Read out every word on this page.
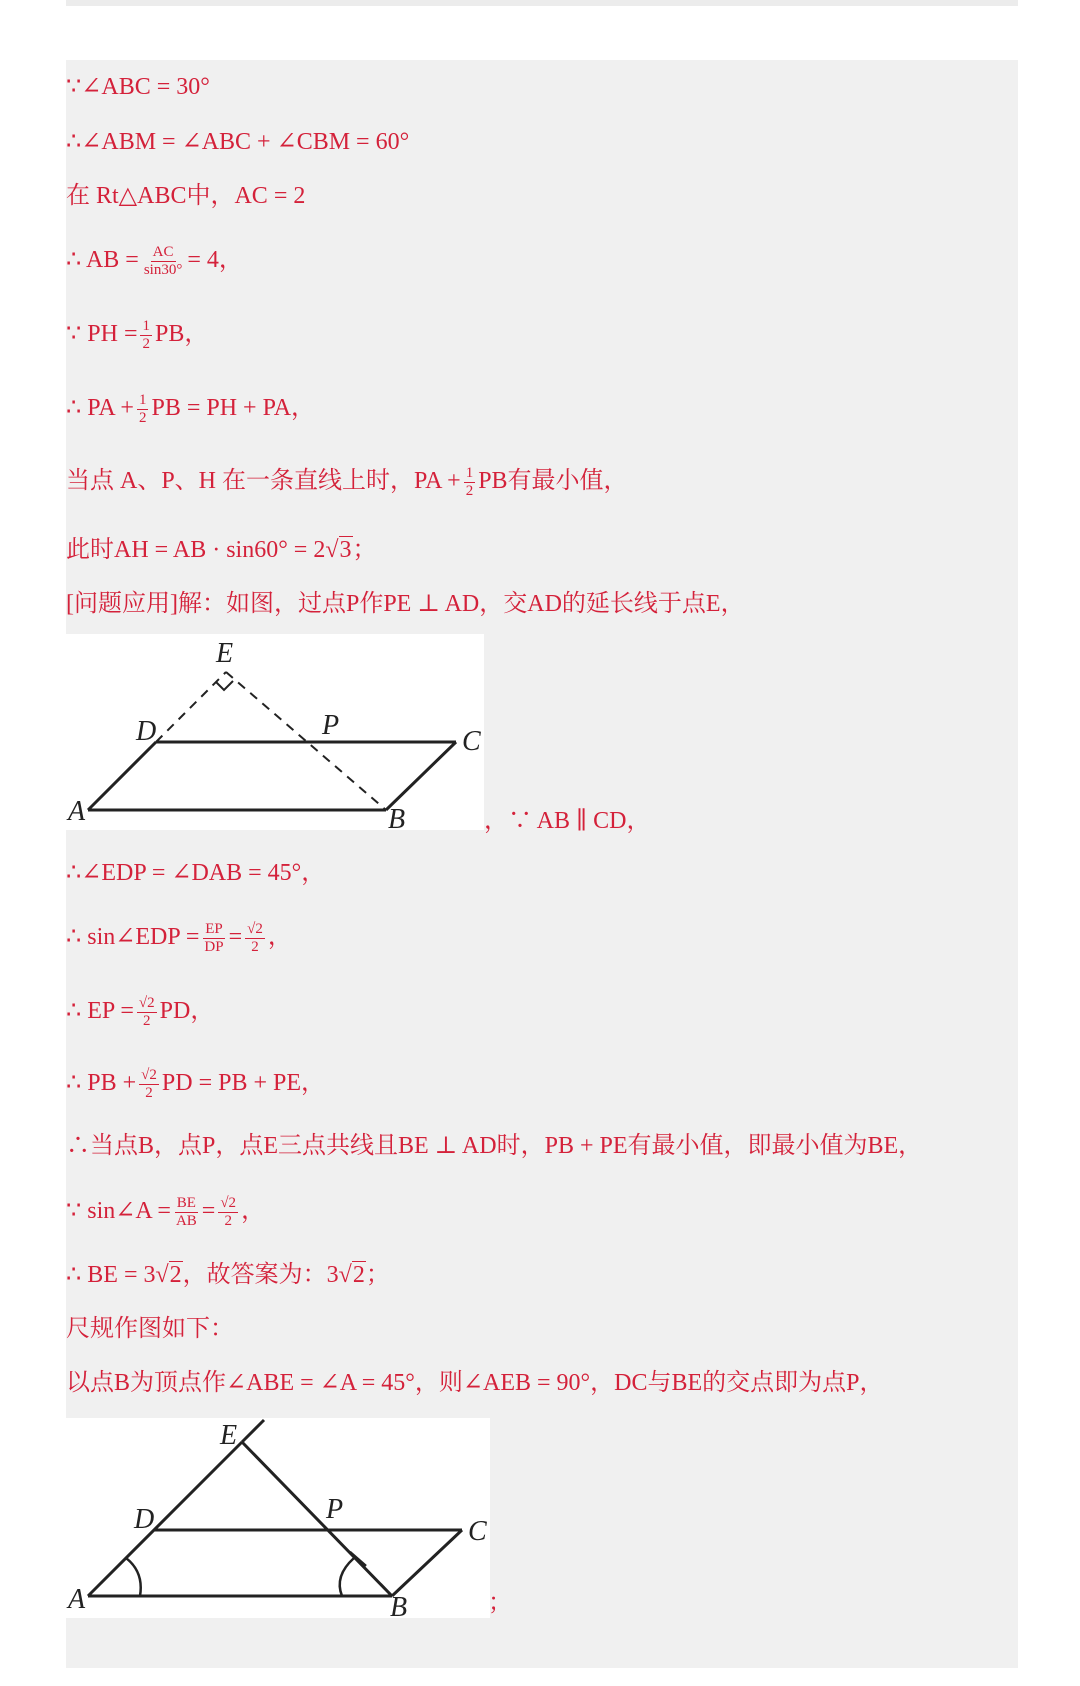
∵∠ABC = 30°
∴∠ABM = ∠ABC + ∠CBM = 60°
在 Rt△ABC中，AC = 2
∴ AB = $\frac{AC}{\sin 30^\circ} = 4$，
∵ PH = $\frac{1}{2}$ PB，
∴ PA + $\frac{1}{2}$ PB = PH + PA，
当点 A、P、H 在一条直线上时，PA + $\frac{1}{2}$ PB有最小值，
此时AH = AB · sin60° = 2√3；
[问题应用]解：如图，过点P作PE ⊥ AD，交AD的延长线于点E，
A	B
C
D
E
P
，∵ AB ∥ CD，
∴∠EDP = ∠DAB = 45°，
∴ sin∠EDP = $\frac{EP}{DP} = \frac{√2}{2}$ ，
∴ EP = $\frac{√2}{2}$ PD，
∴ PB + $\frac{√2}{2}$ PD = PB + PE，
∴当点B，点P，点E三点共线且BE ⊥ AD时，PB + PE有最小值，即最小值为BE，
∵ sin∠A = $\frac{BE}{AB} = \frac{√2}{2}$ ，
∴ BE = 3√2，故答案为：3√2；
尺规作图如下：
以点B为顶点作∠ABE = ∠A = 45°，则∠AEB = 90°，DC与BE的交点即为点P，
A	B
C
D
E
P
；
